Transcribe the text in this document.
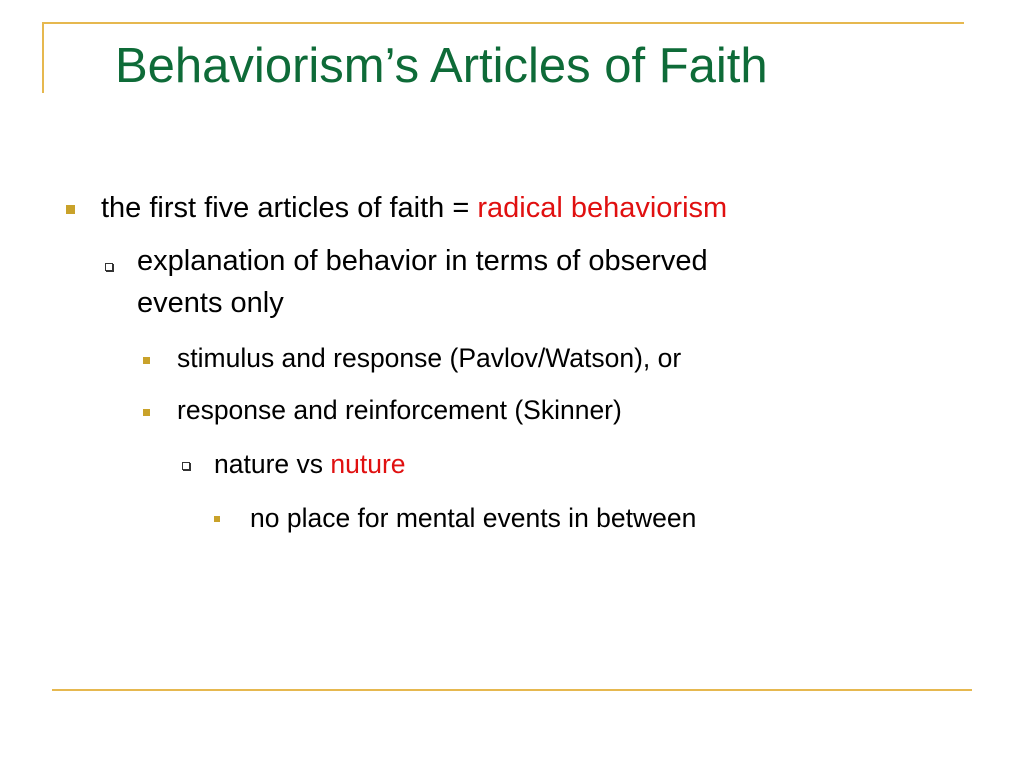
Behaviorism’s Articles of Faith
the first five articles of faith = radical behaviorism
explanation of behavior in terms of observed
events only
stimulus and response (Pavlov/Watson), or
response and reinforcement (Skinner)
nature vs nuture
no place for mental events in between
